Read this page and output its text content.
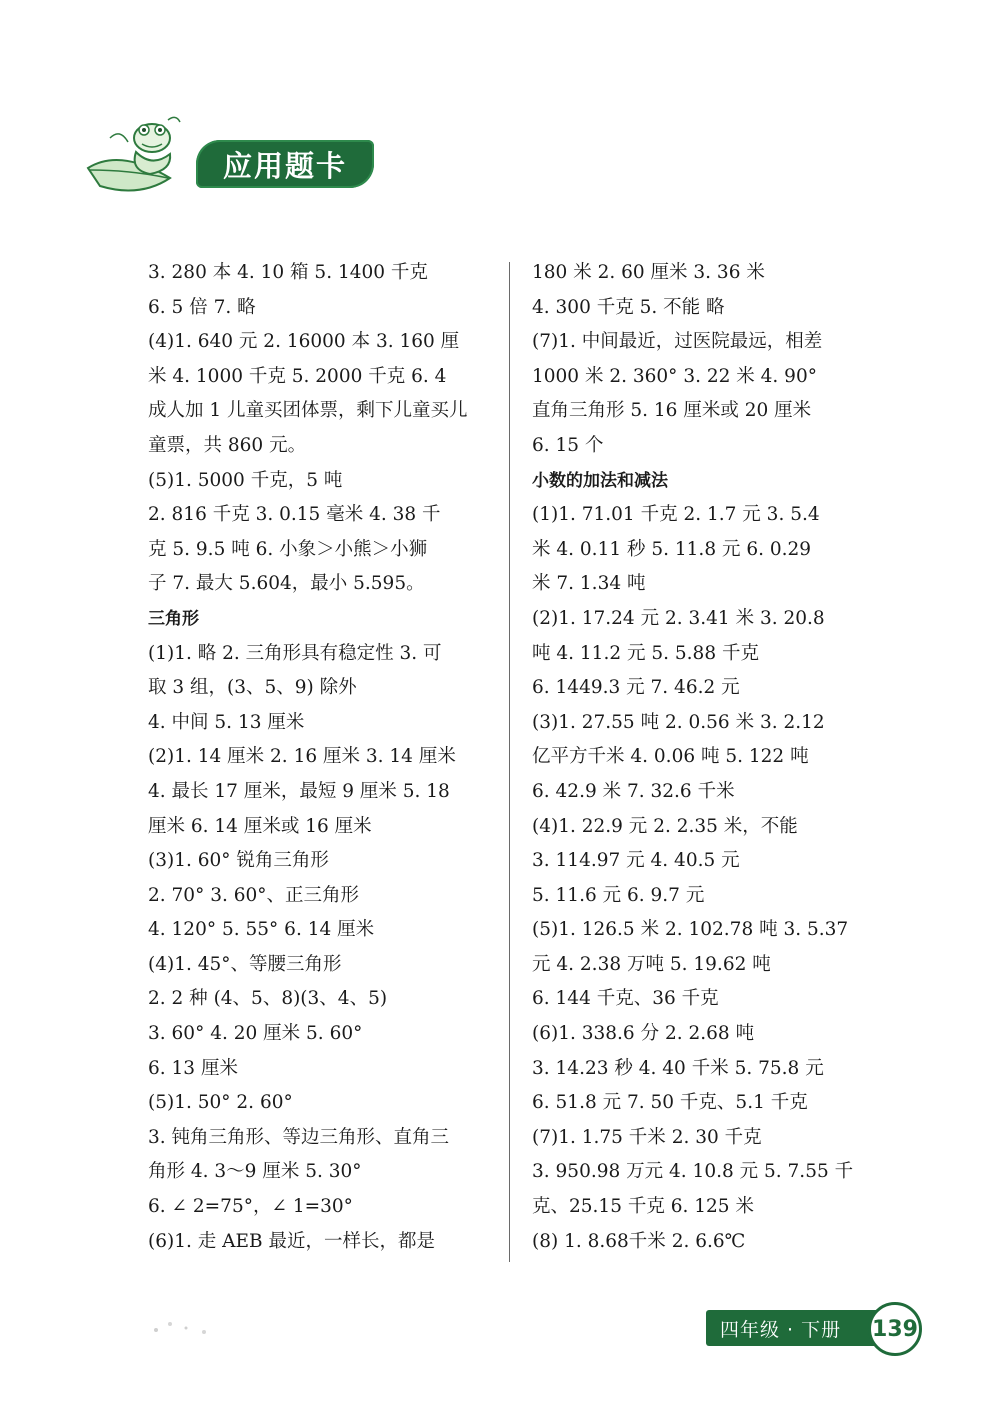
应用题卡
3. 280 本 4. 10 箱 5. 1400 千克
6. 5 倍 7. 略
(4)1. 640 元 2. 16000 本 3. 160 厘
米 4. 1000 千克 5. 2000 千克 6. 4
成人加 1 儿童买团体票，剩下儿童买儿
童票，共 860 元。
(5)1. 5000 千克，5 吨
2. 816 千克 3. 0.15 毫米 4. 38 千
克 5. 9.5 吨 6. 小象＞小熊＞小狮
子 7. 最大 5.604，最小 5.595。
三角形
(1)1. 略 2. 三角形具有稳定性 3. 可
取 3 组，(3、5、9) 除外
4. 中间 5. 13 厘米
(2)1. 14 厘米 2. 16 厘米 3. 14 厘米
4. 最长 17 厘米，最短 9 厘米 5. 18
厘米 6. 14 厘米或 16 厘米
(3)1. 60° 锐角三角形
2. 70° 3. 60°、正三角形
4. 120° 5. 55° 6. 14 厘米
(4)1. 45°、等腰三角形
2. 2 种 (4、5、8)(3、4、5)
3. 60° 4. 20 厘米 5. 60°
6. 13 厘米
(5)1. 50° 2. 60°
3. 钝角三角形、等边三角形、直角三
角形 4. 3～9 厘米 5. 30°
6. ∠ 2=75°，∠ 1=30°
(6)1. 走 AEB 最近，一样长，都是
180 米 2. 60 厘米 3. 36 米
4. 300 千克 5. 不能 略
(7)1. 中间最近，过医院最远，相差
1000 米 2. 360° 3. 22 米 4. 90°
直角三角形 5. 16 厘米或 20 厘米
6. 15 个
小数的加法和减法
(1)1. 71.01 千克 2. 1.7 元 3. 5.4
米 4. 0.11 秒 5. 11.8 元 6. 0.29
米 7. 1.34 吨
(2)1. 17.24 元 2. 3.41 米 3. 20.8
吨 4. 11.2 元 5. 5.88 千克
6. 1449.3 元 7. 46.2 元
(3)1. 27.55 吨 2. 0.56 米 3. 2.12
亿平方千米 4. 0.06 吨 5. 122 吨
6. 42.9 米 7. 32.6 千米
(4)1. 22.9 元 2. 2.35 米，不能
3. 114.97 元 4. 40.5 元
5. 11.6 元 6. 9.7 元
(5)1. 126.5 米 2. 102.78 吨 3. 5.37
元 4. 2.38 万吨 5. 19.62 吨
6. 144 千克、36 千克
(6)1. 338.6 分 2. 2.68 吨
3. 14.23 秒 4. 40 千米 5. 75.8 元
6. 51.8 元 7. 50 千克、5.1 千克
(7)1. 1.75 千米 2. 30 千克
3. 950.98 万元 4. 10.8 元 5. 7.55 千
克、25.15 千克 6. 125 米
(8) 1. 8.68千米 2. 6.6℃
四年级 · 下册 139
